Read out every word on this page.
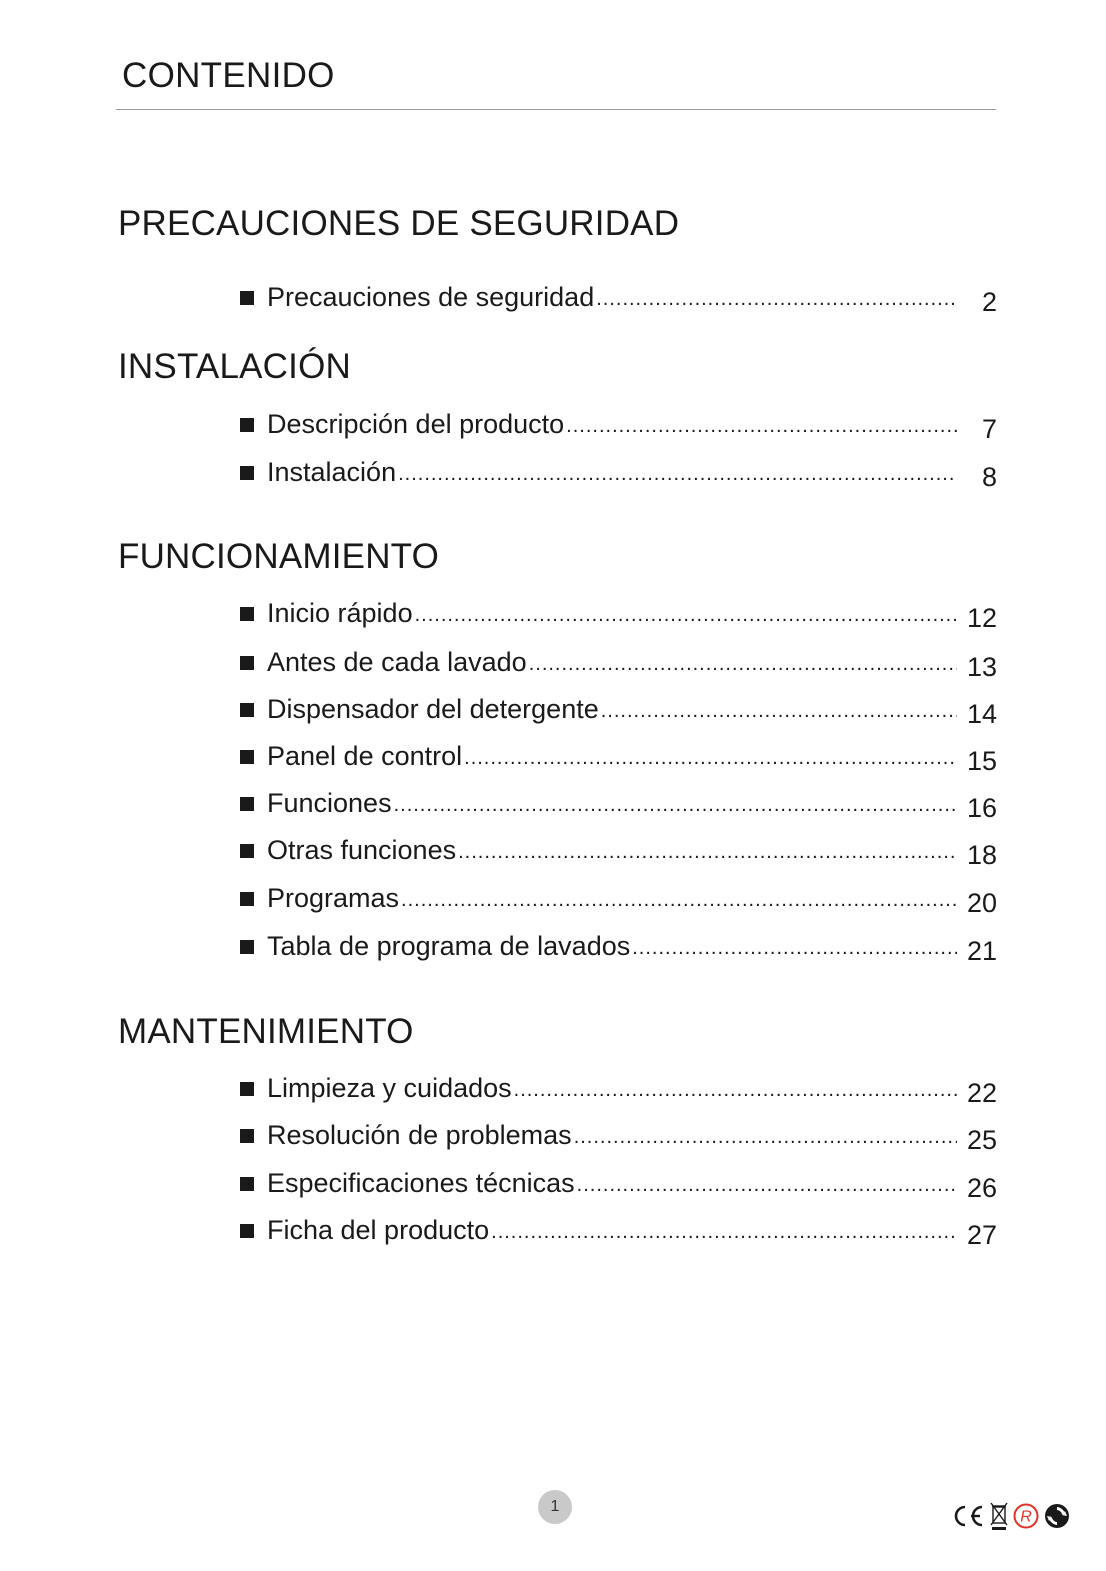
CONTENIDO
PRECAUCIONES DE SEGURIDAD
Precauciones de seguridad .....	2
INSTALACIÓN
Descripción del producto .....	7
Instalación .....	8
FUNCIONAMIENTO
Inicio rápido .....	12
Antes de cada lavado .....	13
Dispensador del detergente .....	14
Panel de control .....	15
Funciones .....	16
Otras funciones .....	18
Programas .....	20
Tabla de programa de lavados .....	21
MANTENIMIENTO
Limpieza y cuidados .....	22
Resolución de problemas .....	25
Especificaciones técnicas .....	26
Ficha del producto .....	27
1
R
